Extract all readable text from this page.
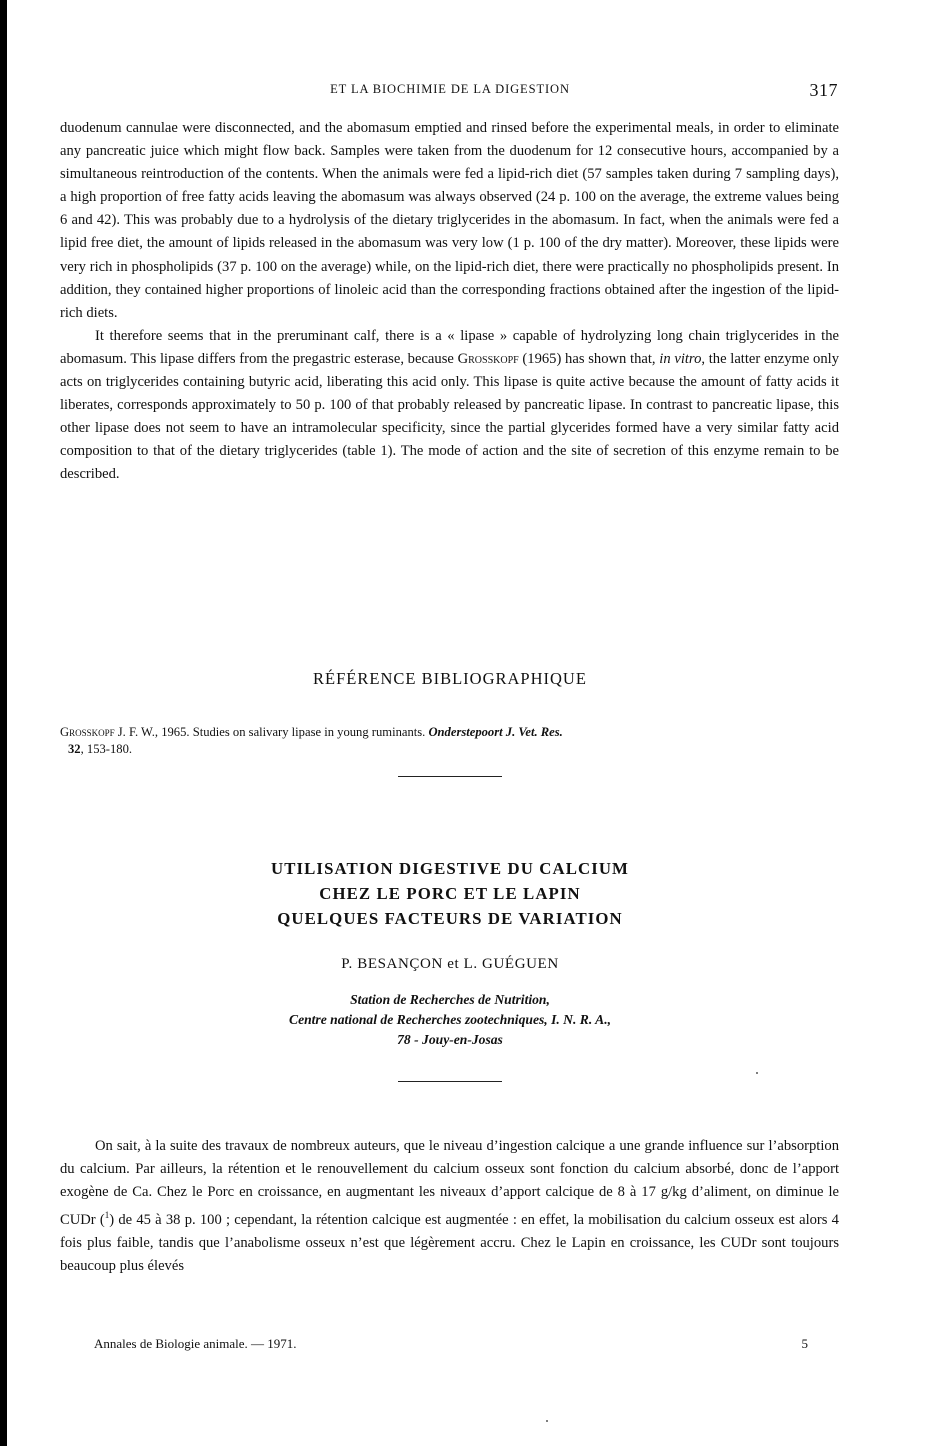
ET LA BIOCHIMIE DE LA DIGESTION	317

duodenum cannulae were disconnected, and the abomasum emptied and rinsed before the experimental meals, in order to eliminate any pancreatic juice which might flow back. Samples were taken from the duodenum for 12 consecutive hours, accompanied by a simultaneous reintroduction of the contents. When the animals were fed a lipid-rich diet (57 samples taken during 7 sampling days), a high proportion of free fatty acids leaving the abomasum was always observed (24 p. 100 on the average, the extreme values being 6 and 42). This was probably due to a hydrolysis of the dietary triglycerides in the abomasum. In fact, when the animals were fed a lipid free diet, the amount of lipids released in the abomasum was very low (1 p. 100 of the dry matter). Moreover, these lipids were very rich in phospholipids (37 p. 100 on the average) while, on the lipid-rich diet, there were practically no phospholipids present. In addition, they contained higher proportions of linoleic acid than the corresponding fractions obtained after the ingestion of the lipid-rich diets.

It therefore seems that in the preruminant calf, there is a « lipase » capable of hydrolyzing long chain triglycerides in the abomasum. This lipase differs from the pregastric esterase, because Grosskopf (1965) has shown that, in vitro, the latter enzyme only acts on triglycerides containing butyric acid, liberating this acid only. This lipase is quite active because the amount of fatty acids it liberates, corresponds approximately to 50 p. 100 of that probably released by pancreatic lipase. In contrast to pancreatic lipase, this other lipase does not seem to have an intramolecular specificity, since the partial glycerides formed have a very similar fatty acid composition to that of the dietary triglycerides (table 1). The mode of action and the site of secretion of this enzyme remain to be described.

RÉFÉRENCE BIBLIOGRAPHIQUE
Grosskopf J. F. W., 1965. Studies on salivary lipase in young ruminants. Onderstepoort J. Vet. Res.
32, 153-180.
UTILISATION DIGESTIVE DU CALCIUM
CHEZ LE PORC ET LE LAPIN
QUELQUES FACTEURS DE VARIATION
P. BESANÇON et L. GUÉGUEN
Station de Recherches de Nutrition,
Centre national de Recherches zootechniques, I. N. R. A.,
78 - Jouy-en-Josas

On sait, à la suite des travaux de nombreux auteurs, que le niveau d’ingestion calcique a une grande influence sur l’absorption du calcium. Par ailleurs, la rétention et le renouvellement du calcium osseux sont fonction du calcium absorbé, donc de l’apport exogène de Ca. Chez le Porc en croissance, en augmentant les niveaux d’apport calcique de 8 à 17 g/kg d’aliment, on diminue le CUDr ($^1$) de 45 à 38 p. 100 ; cependant, la rétention calcique est augmentée : en effet, la mobilisation du calcium osseux est alors 4 fois plus faible, tandis que l’anabolisme osseux n’est que légèrement accru. Chez le Lapin en croissance, les CUDr sont toujours beaucoup plus élevés

Annales de Biologie animale. — 1971.	5
